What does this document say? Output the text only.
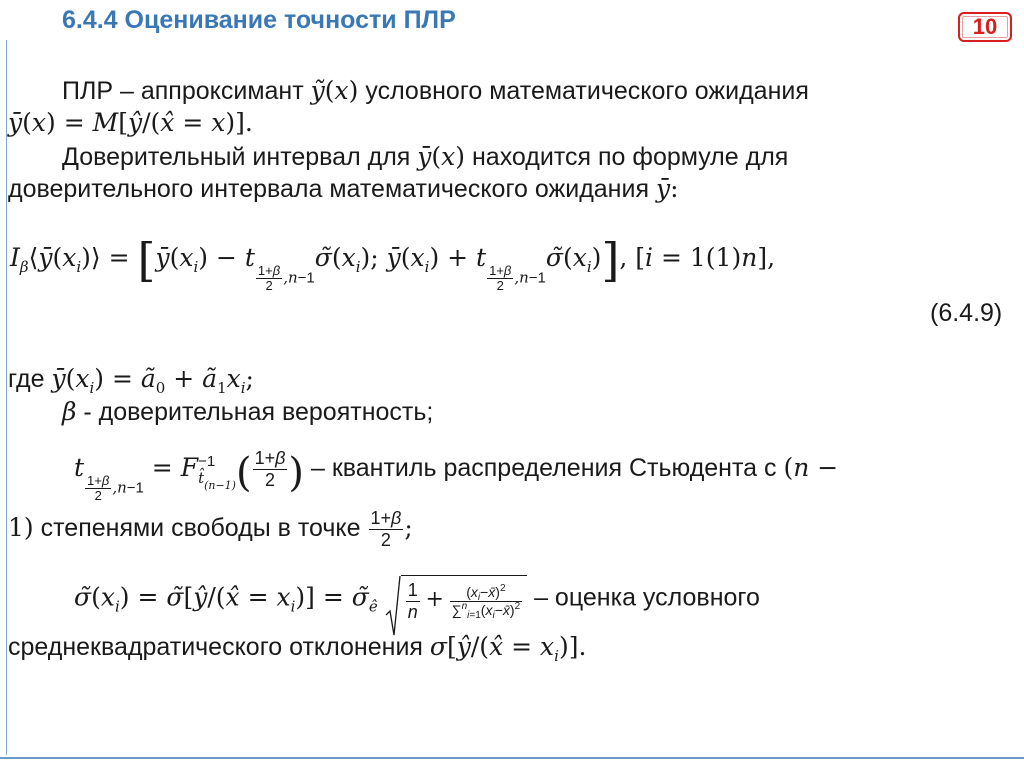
6.4.4 Оценивание точности ПЛР	10
ПЛР – аппроксимант ỹ(x) условного математического ожидания
ȳ(x) = M[ŷ/(x̂ = x)].
Доверительный интервал для ȳ(x) находится по формуле для
доверительного интервала математического ожидания ȳ:
$I_\beta⟨ȳ(x_i)⟩$ = [$ȳ(x_i) - t$
$\frac{1+\beta}{2}$ $,n-1\sigmã(x_i)$; $ȳ(x_i) + t$
$\frac{1+\beta}{2}$ $,n-1\sigmã(x_i)$], [i = 1(1)n],
(6.4.9)
где $ȳ(x_i)$ = $ã_0$ + $ã_1x_i$;
β - доверительная вероятность;
t
$\frac{1+\beta}{2} ,n-1 = F -1$
$t̂_{(n-1)}$ ( $\frac{1+\beta}{2}$ ) – квантиль распределения Стьюдента с (n −
1) степенями свободы в точке $\frac{1+\beta}{2}$ ;
$\sigmã(x_i)$ = σ̃[ŷ/(x̂ = $x_i$)] = $\sigmã_ê \frac{1}{n} + \frac{(x_i-x̄)^2}{\sum^n_{i=1}(x_i-x̄)^2}$ – оценка условного
среднеквадратического отклонения σ[ŷ/(x̂ = $x_i$)].
